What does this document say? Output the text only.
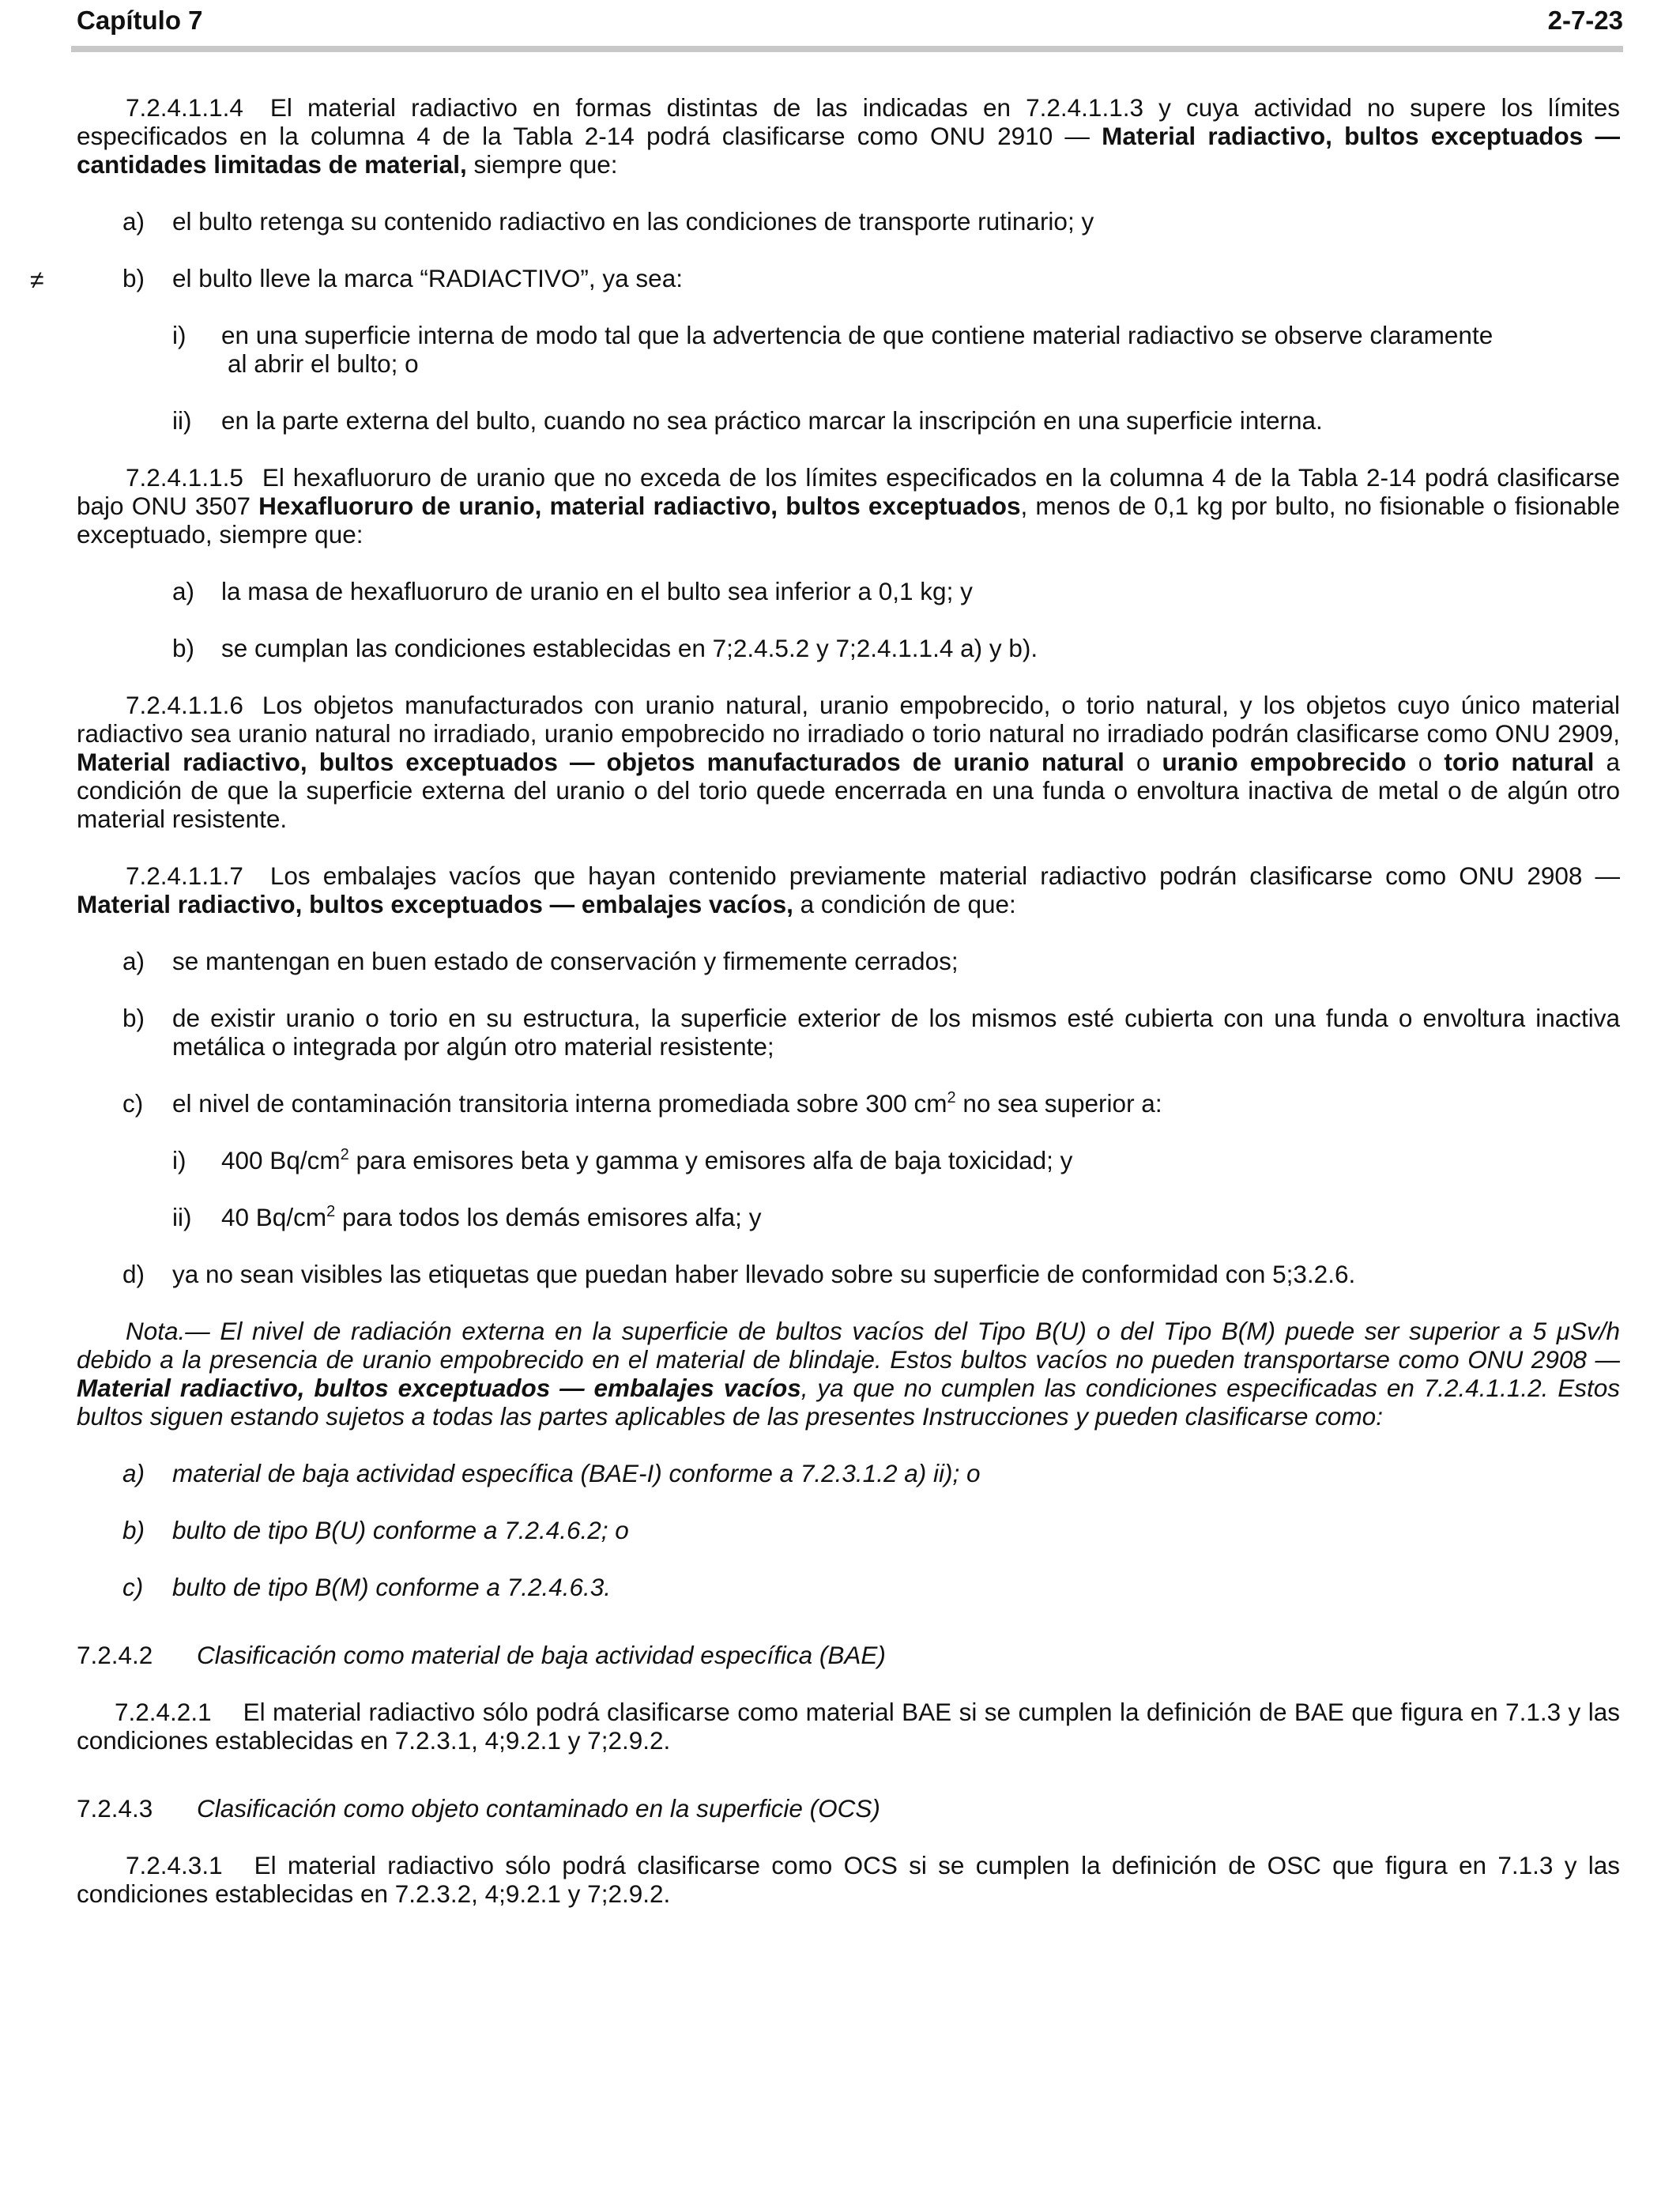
Capítulo 7	2-7-23
≠

7.2.4.1.1.4 El material radiactivo en formas distintas de las indicadas en 7.2.4.1.1.3 y cuya actividad no supere los límites especificados en la columna 4 de la Tabla 2-14 podrá clasificarse como ONU 2910 — Material radiactivo, bultos exceptuados — cantidades limitadas de material, siempre que:

a) el bulto retenga su contenido radiactivo en las condiciones de transporte rutinario; y
b) el bulto lleve la marca “RADIACTIVO”, ya sea:
i) en una superficie interna de modo tal que la advertencia de que contiene material radiactivo se observe claramente
al abrir el bulto; o
ii) en la parte externa del bulto, cuando no sea práctico marcar la inscripción en una superficie interna.

7.2.4.1.1.5 El hexafluoruro de uranio que no exceda de los límites especificados en la columna 4 de la Tabla 2-14 podrá clasificarse bajo ONU 3507 Hexafluoruro de uranio, material radiactivo, bultos exceptuados, menos de 0,1 kg por bulto, no fisionable o fisionable exceptuado, siempre que:

a) la masa de hexafluoruro de uranio en el bulto sea inferior a 0,1 kg; y
b) se cumplan las condiciones establecidas en 7;2.4.5.2 y 7;2.4.1.1.4 a) y b).

7.2.4.1.1.6 Los objetos manufacturados con uranio natural, uranio empobrecido, o torio natural, y los objetos cuyo único material radiactivo sea uranio natural no irradiado, uranio empobrecido no irradiado o torio natural no irradiado podrán clasificarse como ONU 2909, Material radiactivo, bultos exceptuados — objetos manufacturados de uranio natural o uranio empobrecido o torio natural a condición de que la superficie externa del uranio o del torio quede encerrada en una funda o envoltura inactiva de metal o de algún otro material resistente.

7.2.4.1.1.7 Los embalajes vacíos que hayan contenido previamente material radiactivo podrán clasificarse como ONU 2908 — Material radiactivo, bultos exceptuados — embalajes vacíos, a condición de que:

a) se mantengan en buen estado de conservación y firmemente cerrados;
b) de existir uranio o torio en su estructura, la superficie exterior de los mismos esté cubierta con una funda o envoltura inactiva metálica o integrada por algún otro material resistente;
c) el nivel de contaminación transitoria interna promediada sobre 300 $cm^2$ no sea superior a:
i) 400 $Bq/cm^2$ para emisores beta y gamma y emisores alfa de baja toxicidad; y
ii) 40 $Bq/cm^2$ para todos los demás emisores alfa; y
d) ya no sean visibles las etiquetas que puedan haber llevado sobre su superficie de conformidad con 5;3.2.6.

Nota.— El nivel de radiación externa en la superficie de bultos vacíos del Tipo B(U) o del Tipo B(M) puede ser superior a 5 μSv/h debido a la presencia de uranio empobrecido en el material de blindaje. Estos bultos vacíos no pueden transportarse como ONU 2908 — Material radiactivo, bultos exceptuados — embalajes vacíos, ya que no cumplen las condiciones especificadas en 7.2.4.1.1.2. Estos bultos siguen estando sujetos a todas las partes aplicables de las presentes Instrucciones y pueden clasificarse como:

a) material de baja actividad específica (BAE-I) conforme a 7.2.3.1.2 a) ii); o
b) bulto de tipo B(U) conforme a 7.2.4.6.2; o
c) bulto de tipo B(M) conforme a 7.2.4.6.3.

7.2.4.2 Clasificación como material de baja actividad específica (BAE)

7.2.4.2.1 El material radiactivo sólo podrá clasificarse como material BAE si se cumplen la definición de BAE que figura en 7.1.3 y las condiciones establecidas en 7.2.3.1, 4;9.2.1 y 7;2.9.2.

7.2.4.3 Clasificación como objeto contaminado en la superficie (OCS)

7.2.4.3.1 El material radiactivo sólo podrá clasificarse como OCS si se cumplen la definición de OSC que figura en 7.1.3 y las condiciones establecidas en 7.2.3.2, 4;9.2.1 y 7;2.9.2.
